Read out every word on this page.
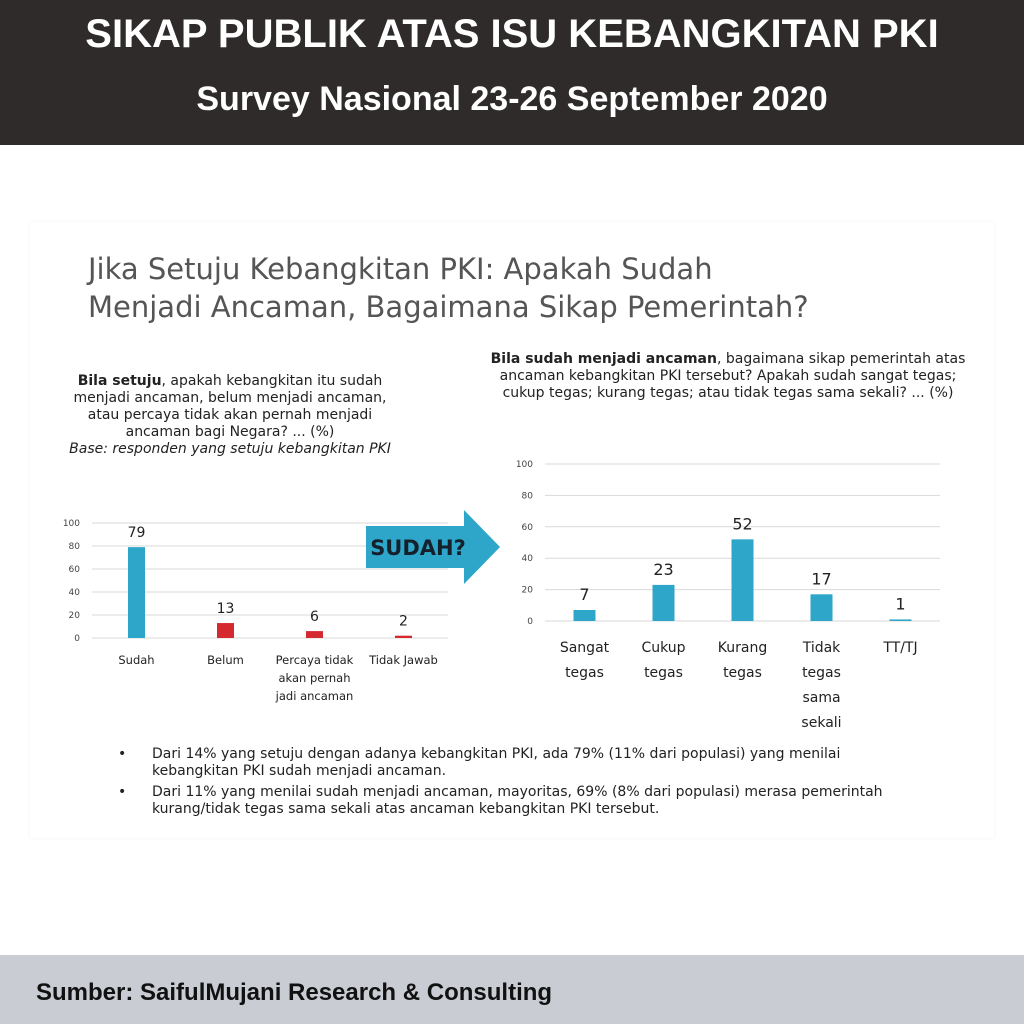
SIKAP PUBLIK ATAS ISU KEBANGKITAN PKI
Survey Nasional 23-26 September 2020
Jika Setuju Kebangkitan PKI: Apakah Sudah
Menjadi Ancaman, Bagaimana Sikap Pemerintah?
Bila setuju, apakah kebangkitan itu sudah menjadi ancaman, belum menjadi ancaman, atau percaya tidak akan pernah menjadi ancaman bagi Negara? ... (%)
Base: responden yang setuju kebangkitan PKI
Bila sudah menjadi ancaman, bagaimana sikap pemerintah atas ancaman kebangkitan PKI tersebut? Apakah sudah sangat tegas; cukup tegas; kurang tegas; atau tidak tegas sama sekali? ... (%)
0
20
40
60
80
100
79
Sudah
13
Belum
6
Percaya tidak
akan pernah
jadi ancaman
2
Tidak Jawab
0
20
40
60
80
100
7
Sangat
tegas
23
Cukup
tegas
52
Kurang
tegas
17
Tidak
tegas
sama
sekali
1
TT/TJ
SUDAH?
• Dari 14% yang setuju dengan adanya kebangkitan PKI, ada 79% (11% dari populasi) yang menilai kebangkitan PKI sudah menjadi ancaman.
• Dari 11% yang menilai sudah menjadi ancaman, mayoritas, 69% (8% dari populasi) merasa pemerintah kurang/tidak tegas sama sekali atas ancaman kebangkitan PKI tersebut.
Sumber: SaifulMujani Research & Consulting
